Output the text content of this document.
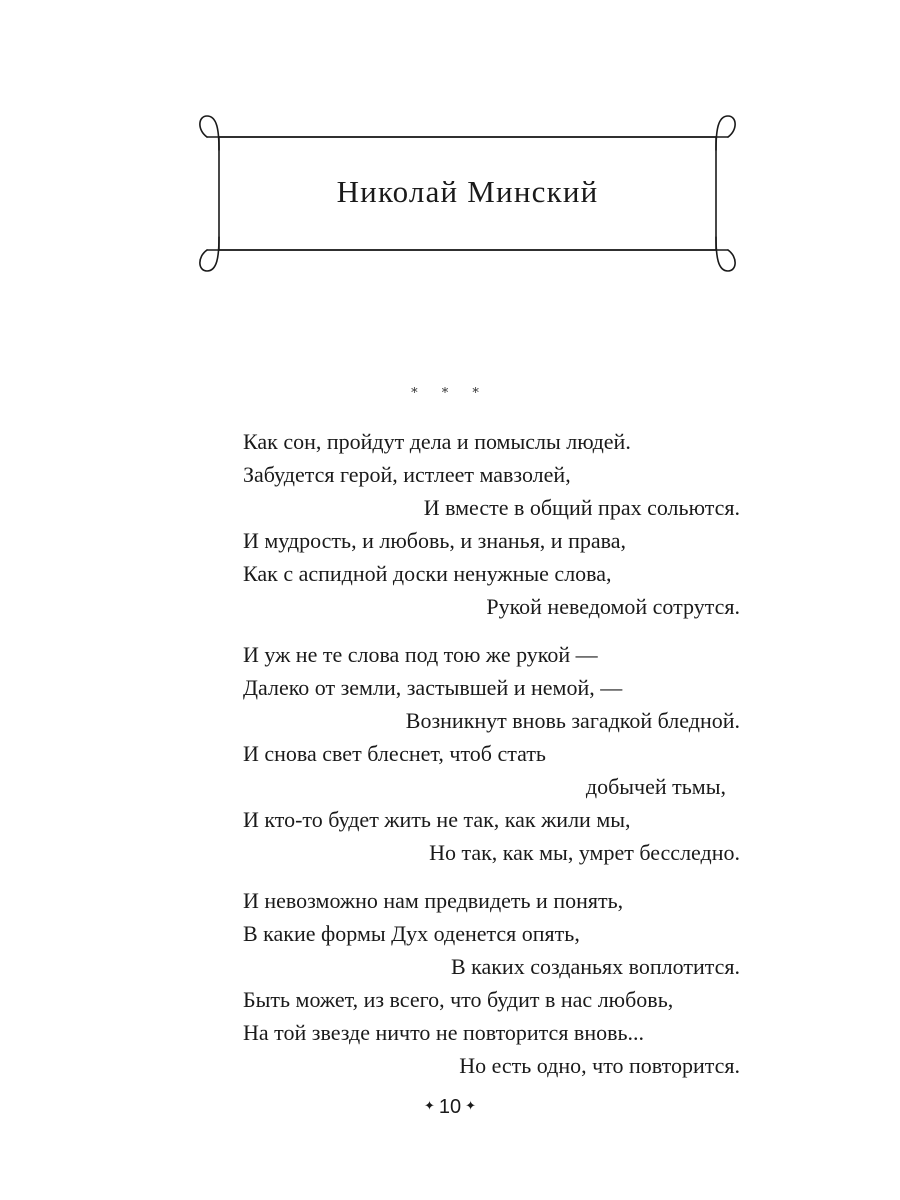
Николай Минский
* * *
Как сон, пройдут дела и помыслы людей.
Забудется герой, истлеет мавзолей,
И вместе в общий прах сольются.
И мудрость, и любовь, и знанья, и права,
Как с аспидной доски ненужные слова,
Рукой неведомой сотрутся.
И уж не те слова под тою же рукой —
Далеко от земли, застывшей и немой, —
Возникнут вновь загадкой бледной.
И снова свет блеснет, чтоб стать
добычей тьмы,
И кто-то будет жить не так, как жили мы,
Но так, как мы, умрет бесследно.
И невозможно нам предвидеть и понять,
В какие формы Дух оденется опять,
В каких созданьях воплотится.
Быть может, из всего, что будит в нас любовь,
На той звезде ничто не повторится вновь...
Но есть одно, что повторится.
✦ 10 ✦
